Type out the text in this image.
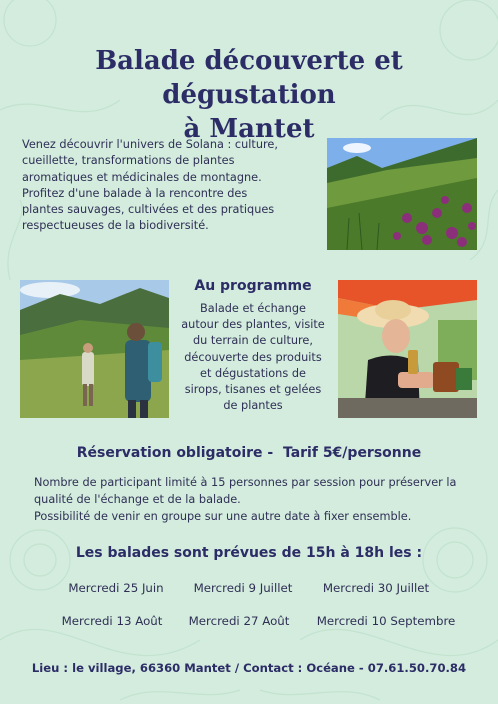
Balade découverte et dégustation
à Mantet
Venez découvrir l'univers de Solana : culture,
cueillette, transformations de plantes
aromatiques et médicinales de montagne.
Profitez d'une balade à la rencontre des
plantes sauvages, cultivées et des pratiques
respectueuses de la biodiversité.
Au programme
Balade et échange
autour des plantes, visite
du terrain de culture,
découverte des produits
et dégustations de
sirops, tisanes et gelées
de plantes
Réservation obligatoire -  Tarif 5€/personne

Nombre de participant limité à 15 personnes par session pour préserver la

qualité de l'échange et de la balade.

Possibilité de venir en groupe sur une autre date à fixer ensemble.

Les balades sont prévues de 15h à 18h les :
Mercredi 25 Juin	Mercredi 9 Juillet	Mercredi 30 Juillet
Mercredi 13 Août	Mercredi 27 Août	Mercredi 10 Septembre
Lieu : le village, 66360 Mantet / Contact : Océane - 07.61.50.70.84
